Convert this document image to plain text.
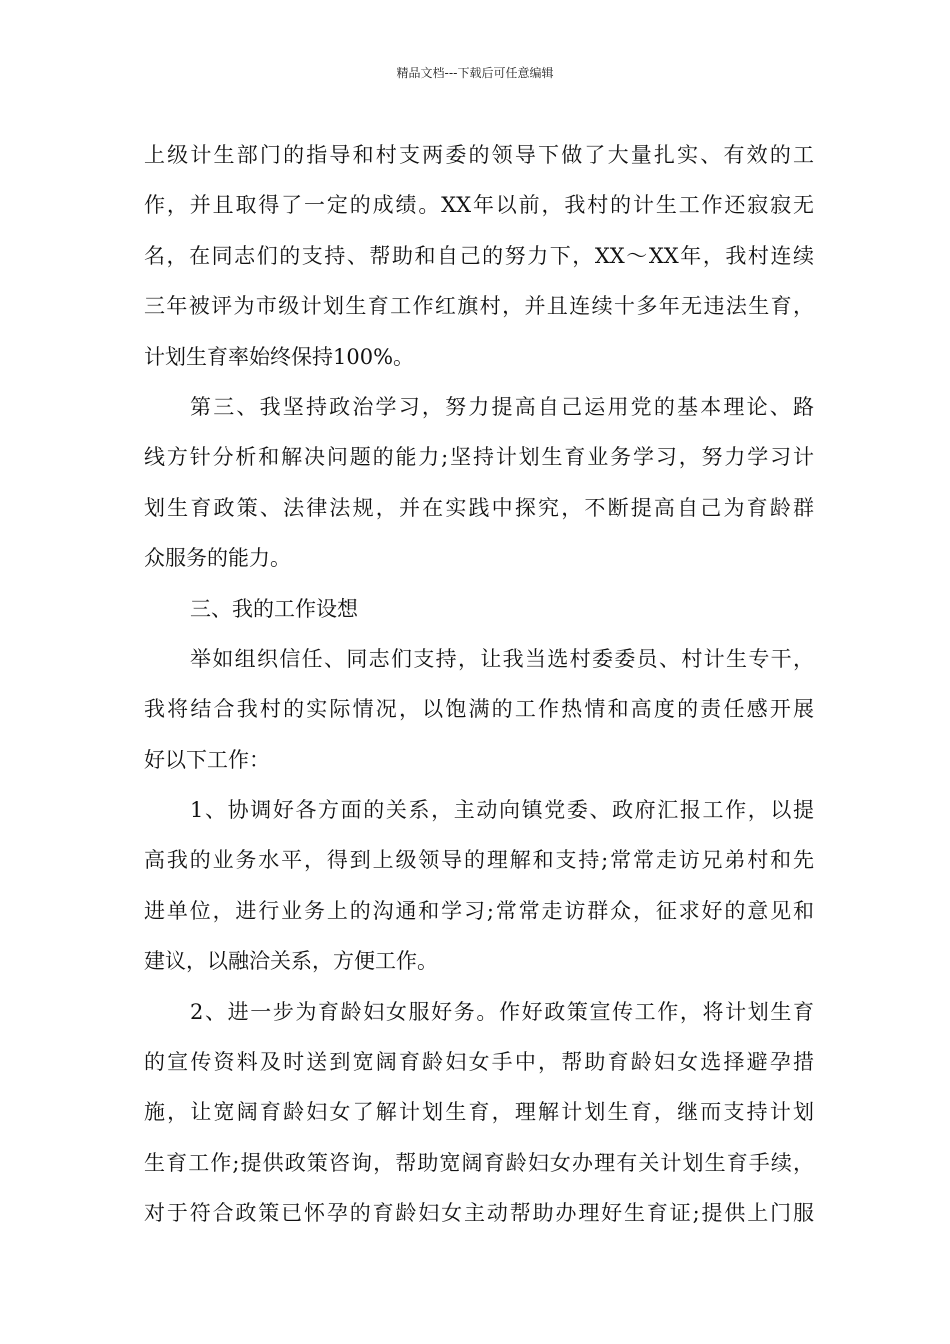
精品文档---下载后可任意编辑
上级计生部门的指导和村支两委的领导下做了大量扎实、有效的工
作，并且取得了一定的成绩。XX年以前，我村的计生工作还寂寂无
名，在同志们的支持、帮助和自己的努力下，XX～XX年，我村连续
三年被评为市级计划生育工作红旗村，并且连续十多年无违法生育，
计划生育率始终保持100%。
第三、我坚持政治学习，努力提高自己运用党的基本理论、路
线方针分析和解决问题的能力;坚持计划生育业务学习，努力学习计
划生育政策、法律法规，并在实践中探究，不断提高自己为育龄群
众服务的能力。
三、我的工作设想
举如组织信任、同志们支持，让我当选村委委员、村计生专干，
我将结合我村的实际情况，以饱满的工作热情和高度的责任感开展
好以下工作：
1、协调好各方面的关系，主动向镇党委、政府汇报工作，以提
高我的业务水平，得到上级领导的理解和支持;常常走访兄弟村和先
进单位，进行业务上的沟通和学习;常常走访群众，征求好的意见和
建议，以融洽关系，方便工作。
2、进一步为育龄妇女服好务。作好政策宣传工作，将计划生育
的宣传资料及时送到宽阔育龄妇女手中，帮助育龄妇女选择避孕措
施，让宽阔育龄妇女了解计划生育，理解计划生育，继而支持计划
生育工作;提供政策咨询，帮助宽阔育龄妇女办理有关计划生育手续，
对于符合政策已怀孕的育龄妇女主动帮助办理好生育证;提供上门服
